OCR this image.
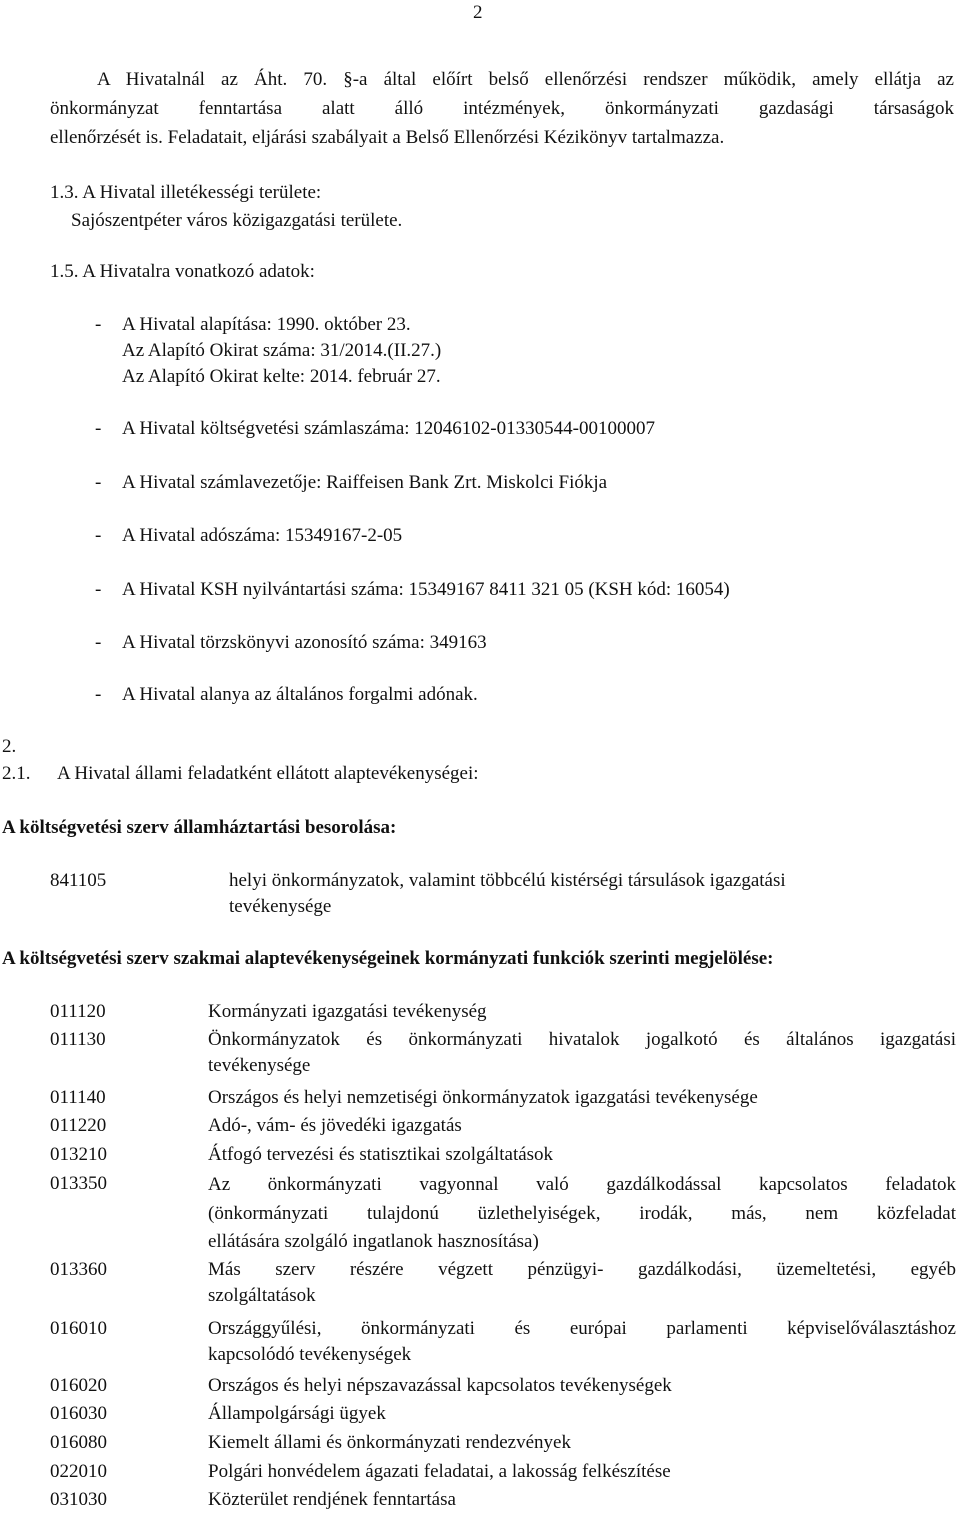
2
A Hivatalnál az Áht. 70. §-a által előírt belső ellenőrzési rendszer működik, amely ellátja az
önkormányzat fenntartása alatt álló intézmények, önkormányzati gazdasági társaságok
ellenőrzését is. Feladatait, eljárási szabályait a Belső Ellenőrzési Kézikönyv tartalmazza.
1.3. A Hivatal illetékességi területe:
Sajószentpéter város közigazgatási területe.
1.5. A Hivatalra vonatkozó adatok:
- A Hivatal alapítása: 1990. október 23.
Az Alapító Okirat száma: 31/2014.(II.27.)
Az Alapító Okirat kelte: 2014. február 27.
- A Hivatal költségvetési számlaszáma: 12046102-01330544-00100007
- A Hivatal számlavezetője: Raiffeisen Bank Zrt. Miskolci Fiókja
- A Hivatal adószáma: 15349167-2-05
- A Hivatal KSH nyilvántartási száma: 15349167 8411 321 05 (KSH kód: 16054)
- A Hivatal törzskönyvi azonosító száma: 349163
- A Hivatal alanya az általános forgalmi adónak.
2.
2.1. A Hivatal állami feladatként ellátott alaptevékenységei:
A költségvetési szerv államháztartási besorolása:
841105	helyi önkormányzatok, valamint többcélú kistérségi társulások igazgatási
tevékenysége
A költségvetési szerv szakmai alaptevékenységeinek kormányzati funkciók szerinti megjelölése:
011120	Kormányzati igazgatási tevékenység
011130	Önkormányzatok és önkormányzati hivatalok jogalkotó és általános igazgatási
tevékenysége
011140	Országos és helyi nemzetiségi önkormányzatok igazgatási tevékenysége
011220	Adó-, vám- és jövedéki igazgatás
013210	Átfogó tervezési és statisztikai szolgáltatások
013350	Az önkormányzati vagyonnal való gazdálkodással kapcsolatos feladatok
(önkormányzati tulajdonú üzlethelyiségek, irodák, más, nem közfeladat
ellátására szolgáló ingatlanok hasznosítása)
013360	Más szerv részére végzett pénzügyi- gazdálkodási, üzemeltetési, egyéb
szolgáltatások
016010	Országgyűlési, önkormányzati és európai parlamenti képviselőválasztáshoz
kapcsolódó tevékenységek
016020	Országos és helyi népszavazással kapcsolatos tevékenységek
016030	Állampolgársági ügyek
016080	Kiemelt állami és önkormányzati rendezvények
022010	Polgári honvédelem ágazati feladatai, a lakosság felkészítése
031030	Közterület rendjének fenntartása
